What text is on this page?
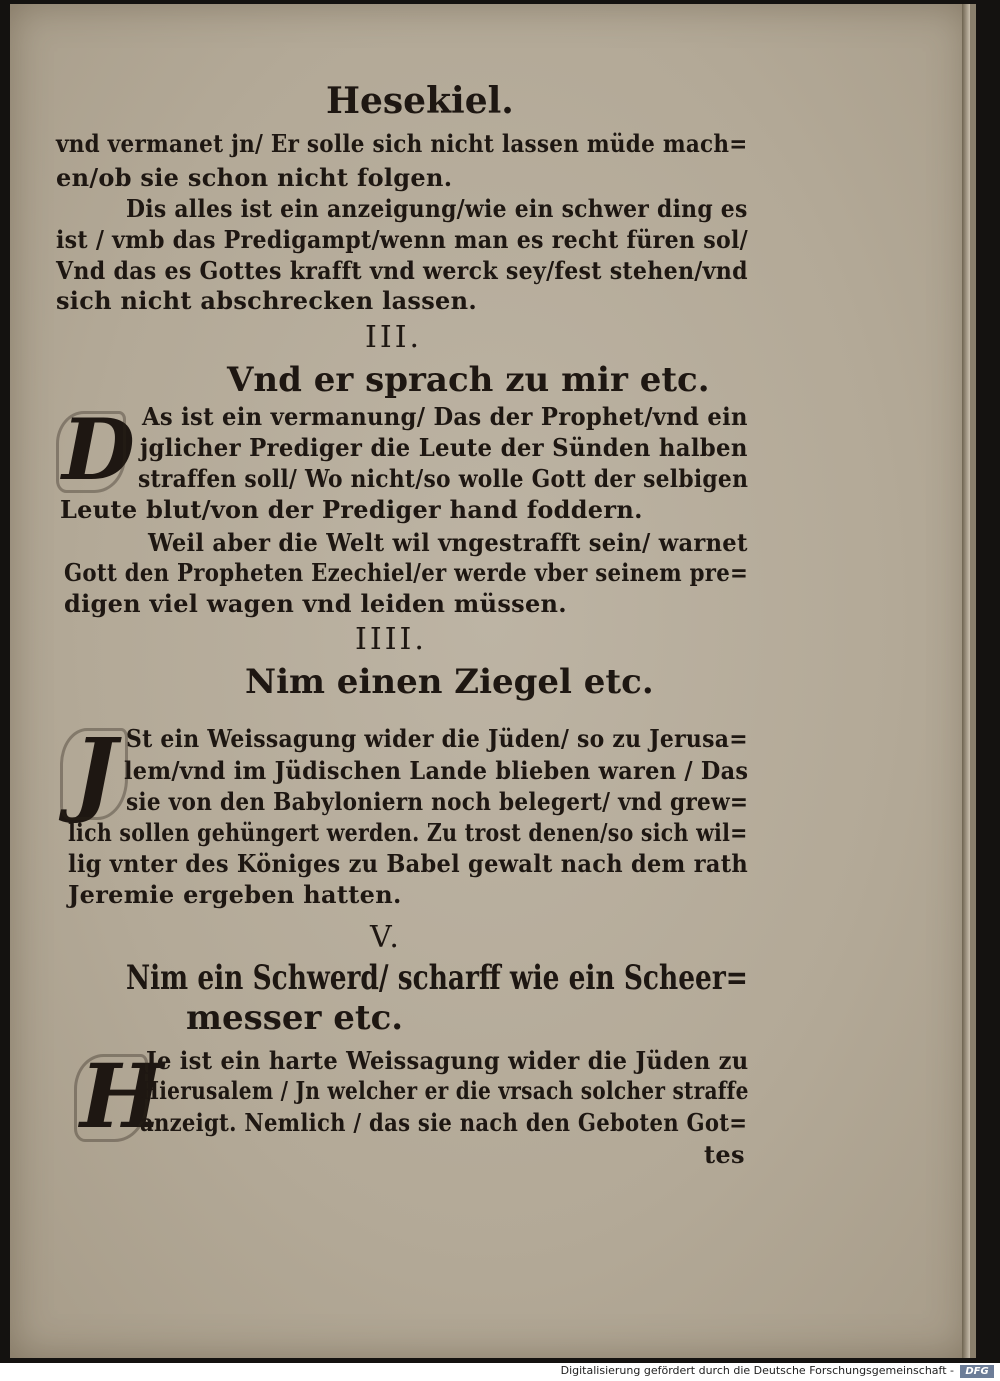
Hesekiel.
vnd vermanet jn/ Er solle sich nicht lassen müde mach=
en/ob sie schon nicht folgen.
Dis alles ist ein anzeigung/wie ein schwer ding es
ist / vmb das Predigampt/wenn man es recht füren sol/
Vnd das es Gottes krafft vnd werck sey/fest stehen/vnd
sich nicht abschrecken lassen.
III.
Vnd er sprach zu mir etc.
D As ist ein vermanung/ Das der Prophet/vnd ein
jglicher Prediger die Leute der Sünden halben
straffen soll/ Wo nicht/so wolle Gott der selbigen
Leute blut/von der Prediger hand foddern.
Weil aber die Welt wil vngestrafft sein/ warnet
Gott den Propheten Ezechiel/er werde vber seinem pre=
digen viel wagen vnd leiden müssen.
IIII.
Nim einen Ziegel etc.
J St ein Weissagung wider die Jüden/ so zu Jerusa=
lem/vnd im Jüdischen Lande blieben waren / Das
sie von den Babyloniern noch belegert/ vnd grew=
lich sollen gehüngert werden. Zu trost denen/so sich wil=
lig vnter des Königes zu Babel gewalt nach dem rath
Jeremie ergeben hatten.
V.
Nim ein Schwerd/ scharff wie ein Scheer=
messer etc.
H
Je ist ein harte Weissagung wider die Jüden zu
Hierusalem / Jn welcher er die vrsach solcher straffe
anzeigt. Nemlich / das sie nach den Geboten Got=
tes
Digitalisierung gefördert durch die Deutsche Forschungsgemeinschaft -	DFG
